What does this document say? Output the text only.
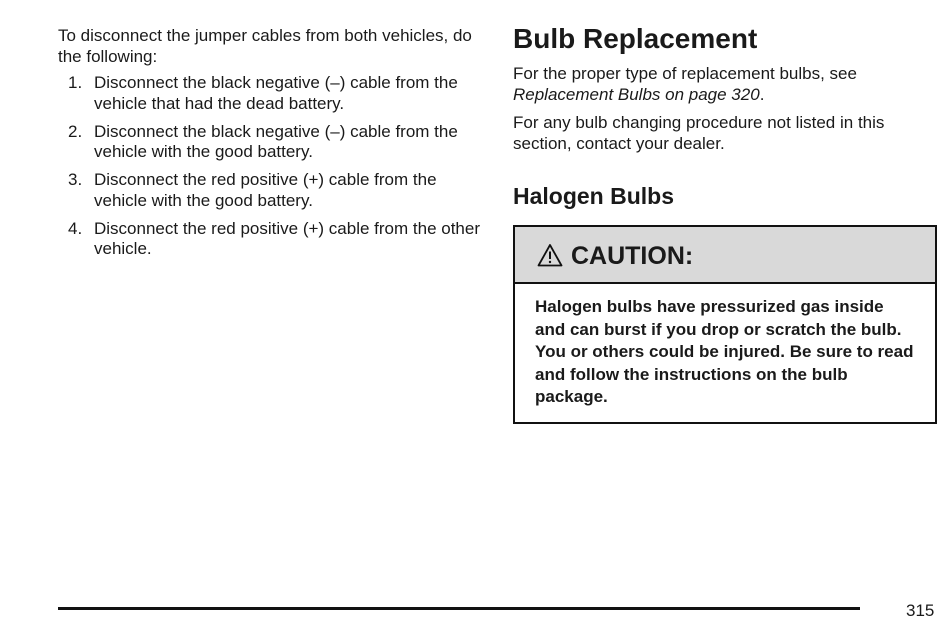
To disconnect the jumper cables from both vehicles, do the following:

1. Disconnect the black negative (–) cable from the vehicle that had the dead battery.
2. Disconnect the black negative (–) cable from the vehicle with the good battery.
3. Disconnect the red positive (+) cable from the vehicle with the good battery.
4. Disconnect the red positive (+) cable from the other vehicle.
Bulb Replacement

For the proper type of replacement bulbs, see Replacement Bulbs on page 320.

For any bulb changing procedure not listed in this section, contact your dealer.

Halogen Bulbs
CAUTION:
Halogen bulbs have pressurized gas inside and can burst if you drop or scratch the bulb. You or others could be injured. Be sure to read and follow the instructions on the bulb package.
315
